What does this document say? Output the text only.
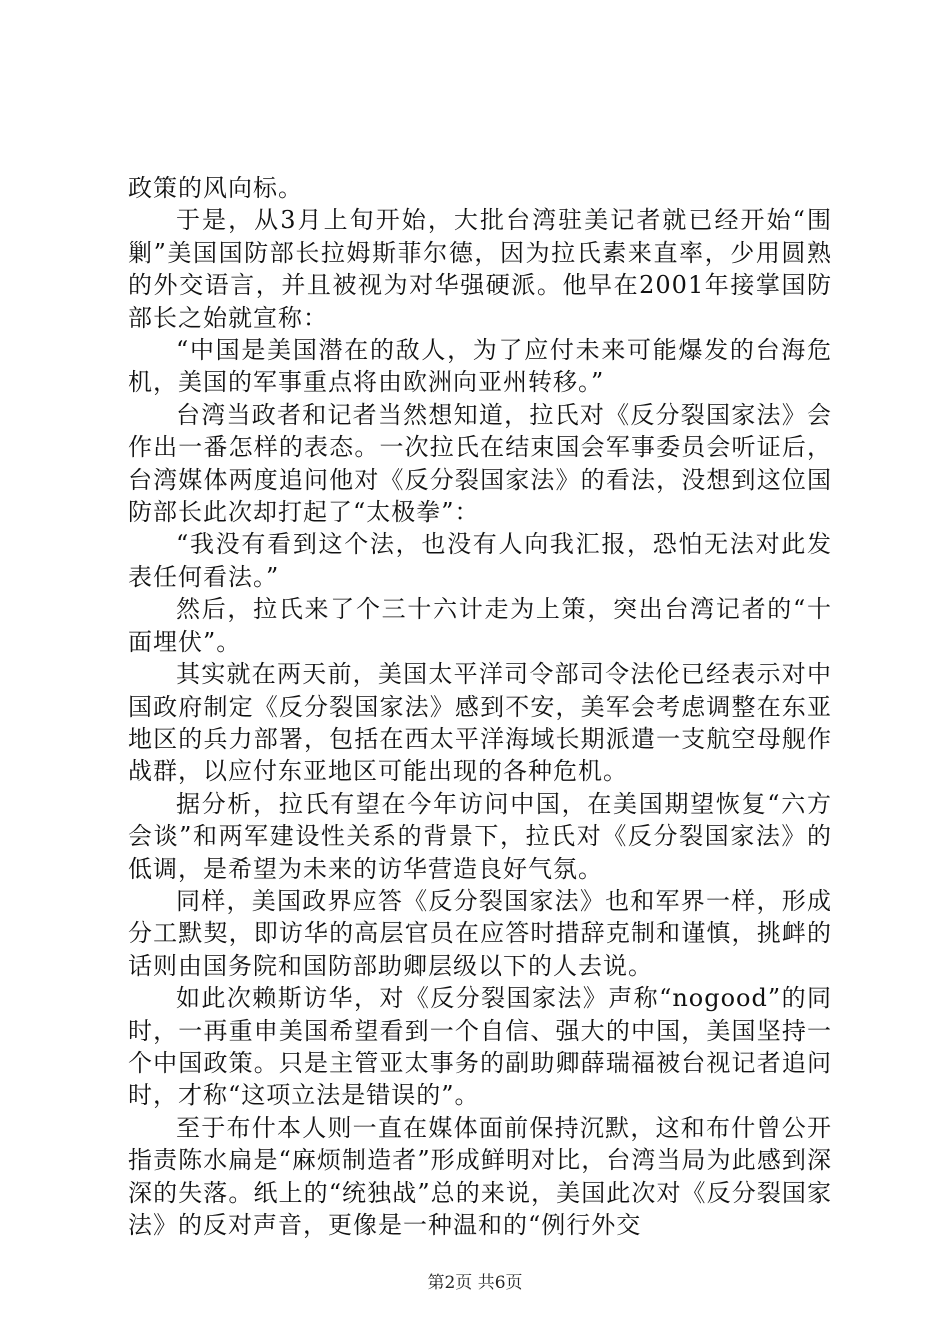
政策的风向标。

于是，从3月上旬开始，大批台湾驻美记者就已经开始“围剿”美国国防部长拉姆斯菲尔德，因为拉氏素来直率，少用圆熟的外交语言，并且被视为对华强硬派。他早在2001年接掌国防部长之始就宣称：

“中国是美国潜在的敌人，为了应付未来可能爆发的台海危机，美国的军事重点将由欧洲向亚州转移。”

台湾当政者和记者当然想知道，拉氏对《反分裂国家法》会作出一番怎样的表态。一次拉氏在结束国会军事委员会听证后，台湾媒体两度追问他对《反分裂国家法》的看法，没想到这位国防部长此次却打起了“太极拳”：

“我没有看到这个法，也没有人向我汇报，恐怕无法对此发表任何看法。”

然后，拉氏来了个三十六计走为上策，突出台湾记者的“十面埋伏”。

其实就在两天前，美国太平洋司令部司令法伦已经表示对中国政府制定《反分裂国家法》感到不安，美军会考虑调整在东亚地区的兵力部署，包括在西太平洋海域长期派遣一支航空母舰作战群，以应付东亚地区可能出现的各种危机。

据分析，拉氏有望在今年访问中国，在美国期望恢复“六方会谈”和两军建设性关系的背景下，拉氏对《反分裂国家法》的低调，是希望为未来的访华营造良好气氛。

同样，美国政界应答《反分裂国家法》也和军界一样，形成分工默契，即访华的高层官员在应答时措辞克制和谨慎，挑衅的话则由国务院和国防部助卿层级以下的人去说。

如此次赖斯访华，对《反分裂国家法》声称“nogood”的同时，一再重申美国希望看到一个自信、强大的中国，美国坚持一个中国政策。只是主管亚太事务的副助卿薛瑞福被台视记者追问时，才称“这项立法是错误的”。

至于布什本人则一直在媒体面前保持沉默，这和布什曾公开指责陈水扁是“麻烦制造者”形成鲜明对比，台湾当局为此感到深深的失落。纸上的“统独战”总的来说，美国此次对《反分裂国家法》的反对声音，更像是一种温和的“例行外交

第2页 共6页
